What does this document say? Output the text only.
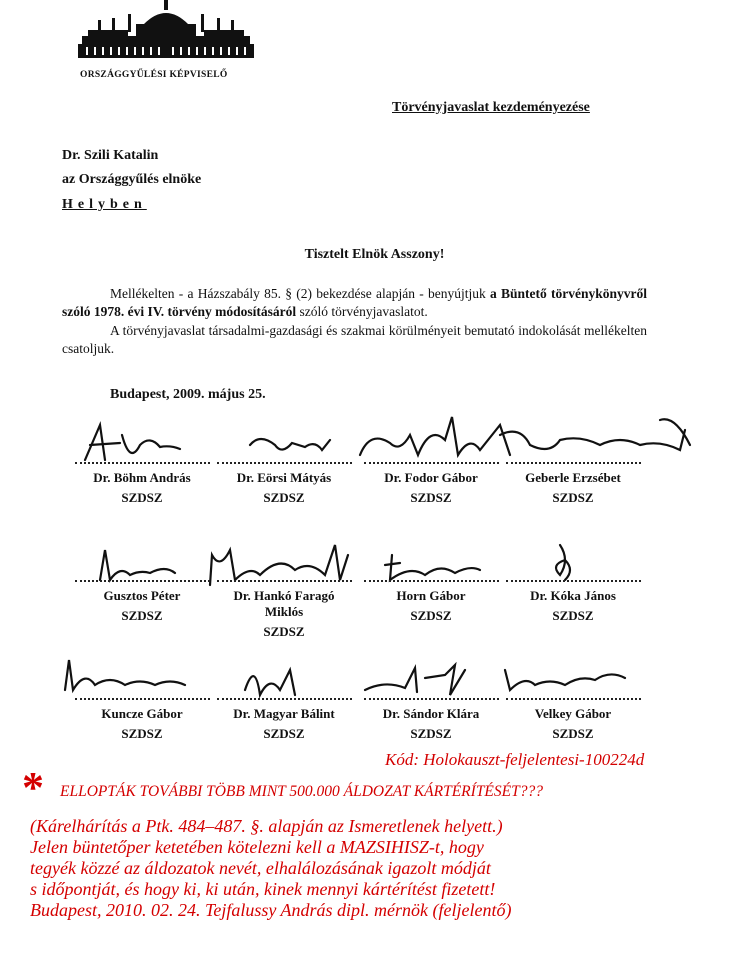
ORSZÁGGYŰLÉSI KÉPVISELŐ
Törvényjavaslat kezdeményezése
Dr. Szili Katalin
az Országgyűlés elnöke
Helyben
Tisztelt Elnök Asszony!
Mellékelten - a Házszabály 85. § (2) bekezdése alapján - benyújtjuk a Büntető törvénykönyvről szóló 1978. évi IV. törvény módosításáról szóló törvényjavaslatot.
A törvényjavaslat társadalmi-gazdasági és szakmai körülményeit bemutató indokolását mellékelten csatoljuk.
Budapest, 2009. május 25.
Dr. Böhm András
SZDSZ
Dr. Eörsi Mátyás
SZDSZ
Dr. Fodor Gábor
SZDSZ
Geberle Erzsébet
SZDSZ
Gusztos Péter
SZDSZ
Dr. Hankó Faragó
Miklós
SZDSZ
Horn Gábor
SZDSZ
Dr. Kóka János
SZDSZ
Kuncze Gábor
SZDSZ
Dr. Magyar Bálint
SZDSZ
Dr. Sándor Klára
SZDSZ
Velkey Gábor
SZDSZ
Kód: Holokauszt-feljelentesi-100224d
* ELLOPTÁK TOVÁBBI TÖBB MINT 500.000 ÁLDOZAT KÁRTÉRÍTÉSÉT???
(Kárelhárítás a Ptk. 484–487. §. alapján az Ismeretlenek helyett.)
Jelen büntetőper ketetében kötelezni kell a MAZSIHISZ-t, hogy
tegyék közzé az áldozatok nevét, elhalálozásának igazolt módját
s időpontját, és hogy ki, ki után, kinek mennyi kártérítést fizetett!
Budapest, 2010. 02. 24. Tejfalussy András dipl. mérnök (feljelentő)
